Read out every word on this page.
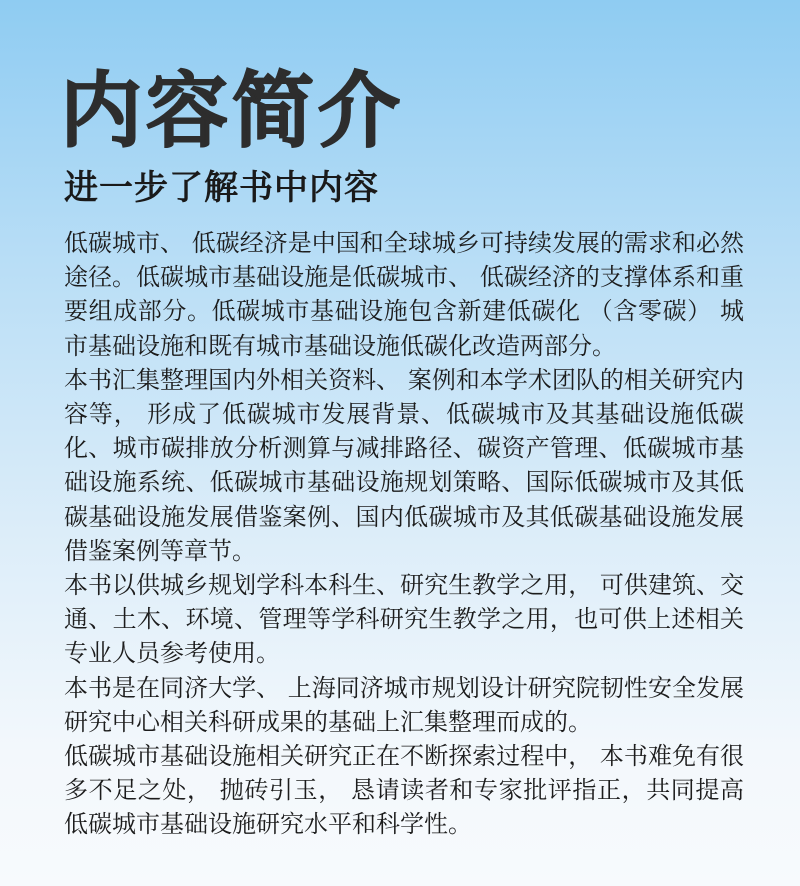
内容简介
进一步了解书中内容

低碳城市、 低碳经济是中国和全球城乡可持续发展的需求和必然途径。低碳城市基础设施是低碳城市、 低碳经济的支撑体系和重要组成部分。低碳城市基础设施包含新建低碳化 （含零碳） 城市基础设施和既有城市基础设施低碳化改造两部分。

本书汇集整理国内外相关资料、 案例和本学术团队的相关研究内容等， 形成了低碳城市发展背景、低碳城市及其基础设施低碳化、城市碳排放分析测算与减排路径、碳资产管理、低碳城市基础设施系统、低碳城市基础设施规划策略、国际低碳城市及其低碳基础设施发展借鉴案例、国内低碳城市及其低碳基础设施发展借鉴案例等章节。

本书以供城乡规划学科本科生、研究生教学之用， 可供建筑、交通、土木、环境、管理等学科研究生教学之用，也可供上述相关专业人员参考使用。

本书是在同济大学、 上海同济城市规划设计研究院韧性安全发展研究中心相关科研成果的基础上汇集整理而成的。

低碳城市基础设施相关研究正在不断探索过程中， 本书难免有很多不足之处， 抛砖引玉， 恳请读者和专家批评指正，共同提高低碳城市基础设施研究水平和科学性。
